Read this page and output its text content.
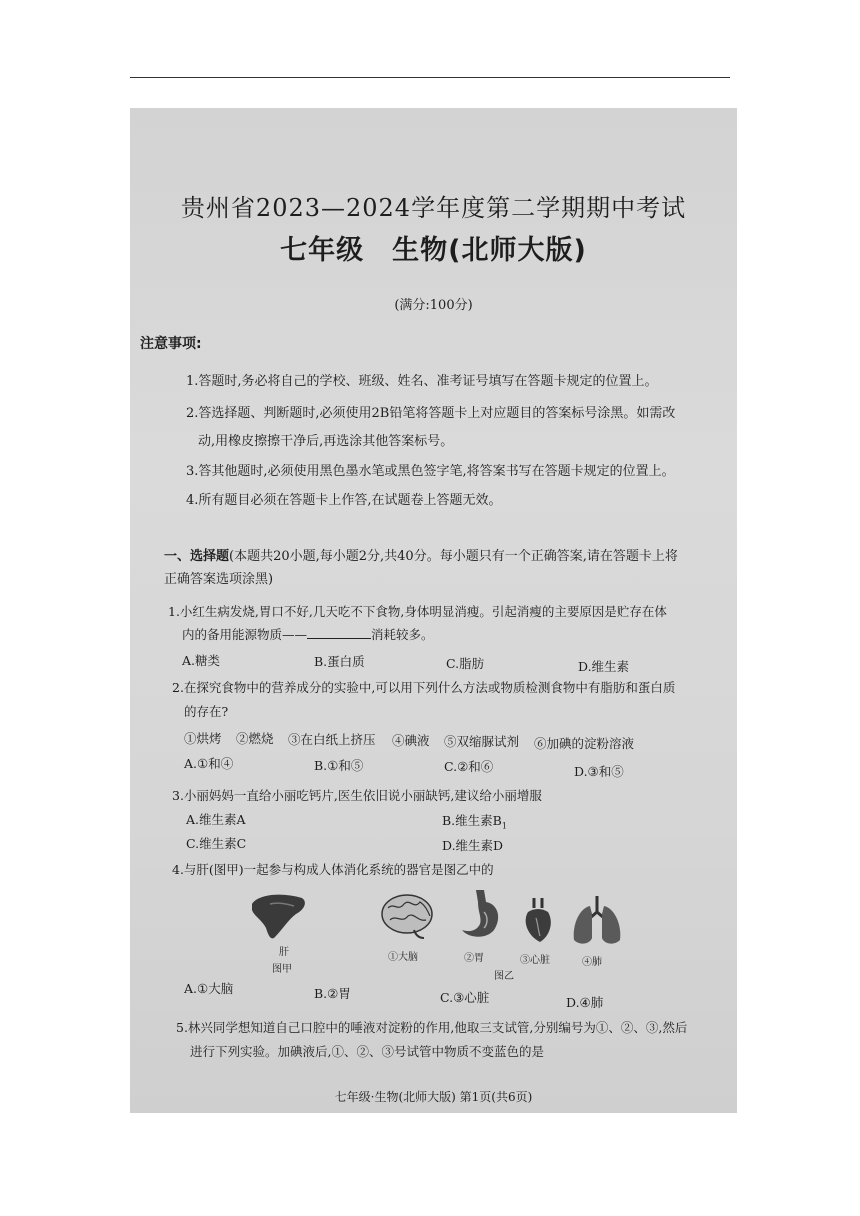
贵州省2023—2024学年度第二学期期中考试
七年级 生物(北师大版)
(满分:100分)
注意事项:
1.答题时,务必将自己的学校、班级、姓名、准考证号填写在答题卡规定的位置上。
2.答选择题、判断题时,必须使用2B铅笔将答题卡上对应题目的答案标号涂黑。如需改
动,用橡皮擦擦干净后,再选涂其他答案标号。
3.答其他题时,必须使用黑色墨水笔或黑色签字笔,将答案书写在答题卡规定的位置上。
4.所有题目必须在答题卡上作答,在试题卷上答题无效。
一、选择题(本题共20小题,每小题2分,共40分。每小题只有一个正确答案,请在答题卡上将
正确答案选项涂黑)
1.小红生病发烧,胃口不好,几天吃不下食物,身体明显消瘦。引起消瘦的主要原因是贮存在体
内的备用能源物质——	消耗较多。
A.糖类	B.蛋白质	C.脂肪	D.维生素
2.在探究食物中的营养成分的实验中,可以用下列什么方法或物质检测食物中有脂肪和蛋白质
的存在?
①烘烤 ②燃烧 ③在白纸上挤压 ④碘液 ⑤双缩脲试剂 ⑥加碘的淀粉溶液
A.①和④	B.①和⑤	C.②和⑥	D.③和⑤
3.小丽妈妈一直给小丽吃钙片,医生依旧说小丽缺钙,建议给小丽增服
A.维生素A	B.维生素$B_1$
C.维生素C	D.维生素D
4.与肝(图甲)一起参与构成人体消化系统的器官是图乙中的
肝
图甲
①大脑	②胃	③心脏	④肺
图乙
A.①大脑	B.②胃	C.③心脏	D.④肺
5.林兴同学想知道自己口腔中的唾液对淀粉的作用,他取三支试管,分别编号为①、②、③,然后
进行下列实验。加碘液后,①、②、③号试管中物质不变蓝色的是
七年级·生物(北师大版) 第1页(共6页)
